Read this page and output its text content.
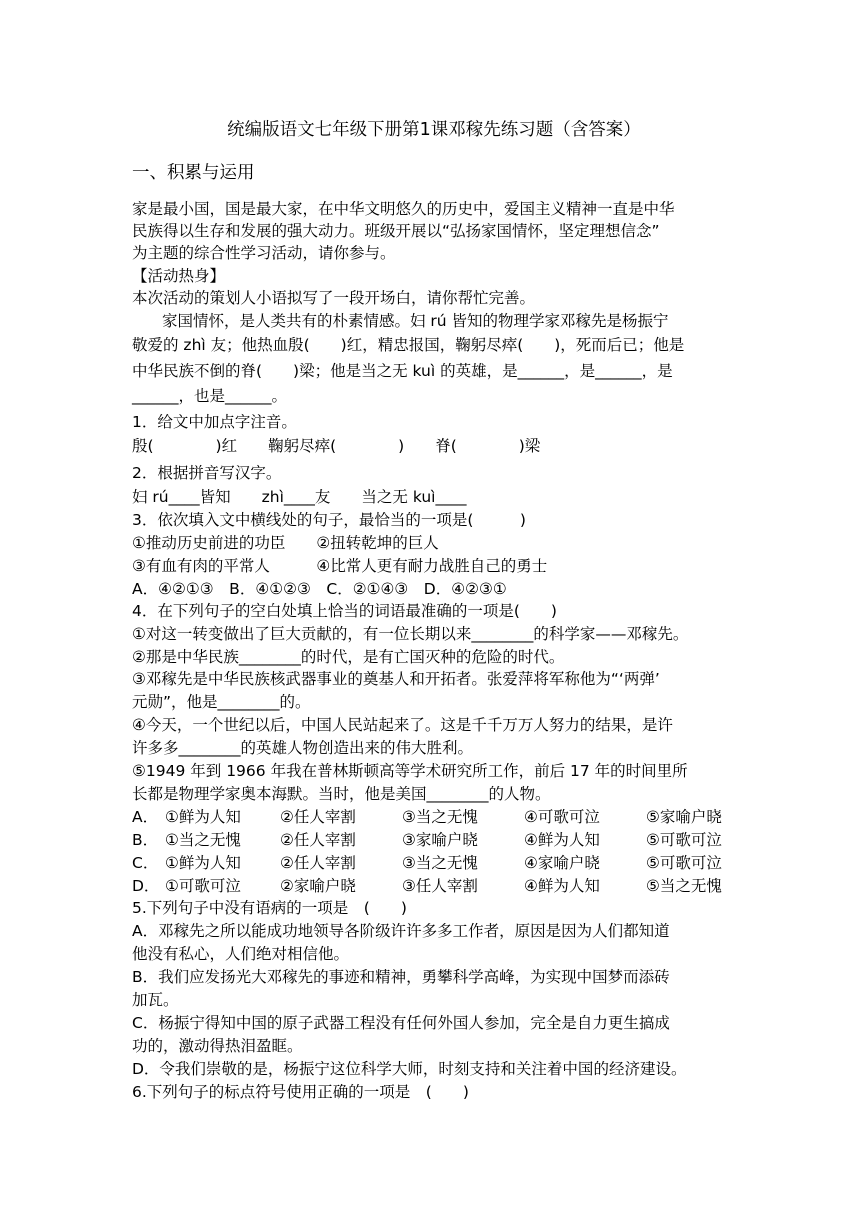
统编版语文七年级下册第1课邓稼先练习题（含答案）
一、积累与运用
家是最小国，国是最大家，在中华文明悠久的历史中，爱国主义精神一直是中华
民族得以生存和发展的强大动力。班级开展以“弘扬家国情怀，坚定理想信念”
为主题的综合性学习活动，请你参与。
【活动热身】
本次活动的策划人小语拟写了一段开场白，请你帮忙完善。
家国情怀，是人类共有的朴素情感。妇 rú 皆知的物理学家邓稼先是杨振宁
敬爱的 zhì 友；他热血殷(　　)红，精忠报国，鞠躬尽瘁(　　)，死而后已；他是
中华民族不倒的脊(　　)梁；他是当之无 kuì 的英雄，是______，是______，是
______，也是______。
1．给文中加点字注音。
殷(　　　　)红　　鞠躬尽瘁(　　　　)　　脊(　　　　)梁
2．根据拼音写汉字。
妇 rú____皆知　　zhì____友　　当之无 kuì____
3．依次填入文中横线处的句子，最恰当的一项是(　　　)
①推动历史前进的功臣　　②扭转乾坤的巨人
③有血有肉的平常人　　　④比常人更有耐力战胜自己的勇士
A．④②①③　B．④①②③　C．②①④③　D．④②③①
4．在下列句子的空白处填上恰当的词语最准确的一项是(　　)
①对这一转变做出了巨大贡献的，有一位长期以来________的科学家——邓稼先。
②那是中华民族________的时代，是有亡国灭种的危险的时代。
③邓稼先是中华民族核武器事业的奠基人和开拓者。张爱萍将军称他为“‘两弹’
元勋”，他是________的。
④今天，一个世纪以后，中国人民站起来了。这是千千万万人努力的结果，是许
许多多________的英雄人物创造出来的伟大胜利。
⑤1949 年到 1966 年我在普林斯顿高等学术研究所工作，前后 17 年的时间里所
长都是物理学家奥本海默。当时，他是美国________的人物。
A． ①鲜为人知	②任人宰割	③当之无愧	④可歌可泣	⑤家喻户晓
B． ①当之无愧	②任人宰割	③家喻户晓	④鲜为人知	⑤可歌可泣
C． ①鲜为人知	②任人宰割	③当之无愧	④家喻户晓	⑤可歌可泣
D． ①可歌可泣	②家喻户晓	③任人宰割	④鲜为人知	⑤当之无愧
5.下列句子中没有语病的一项是　(　　)
A．邓稼先之所以能成功地领导各阶级许许多多工作者，原因是因为人们都知道
他没有私心，人们绝对相信他。
B．我们应发扬光大邓稼先的事迹和精神，勇攀科学高峰，为实现中国梦而添砖
加瓦。
C．杨振宁得知中国的原子武器工程没有任何外国人参加，完全是自力更生搞成
功的，激动得热泪盈眶。
D．令我们崇敬的是，杨振宁这位科学大师，时刻支持和关注着中国的经济建设。
6.下列句子的标点符号使用正确的一项是　(　　)
